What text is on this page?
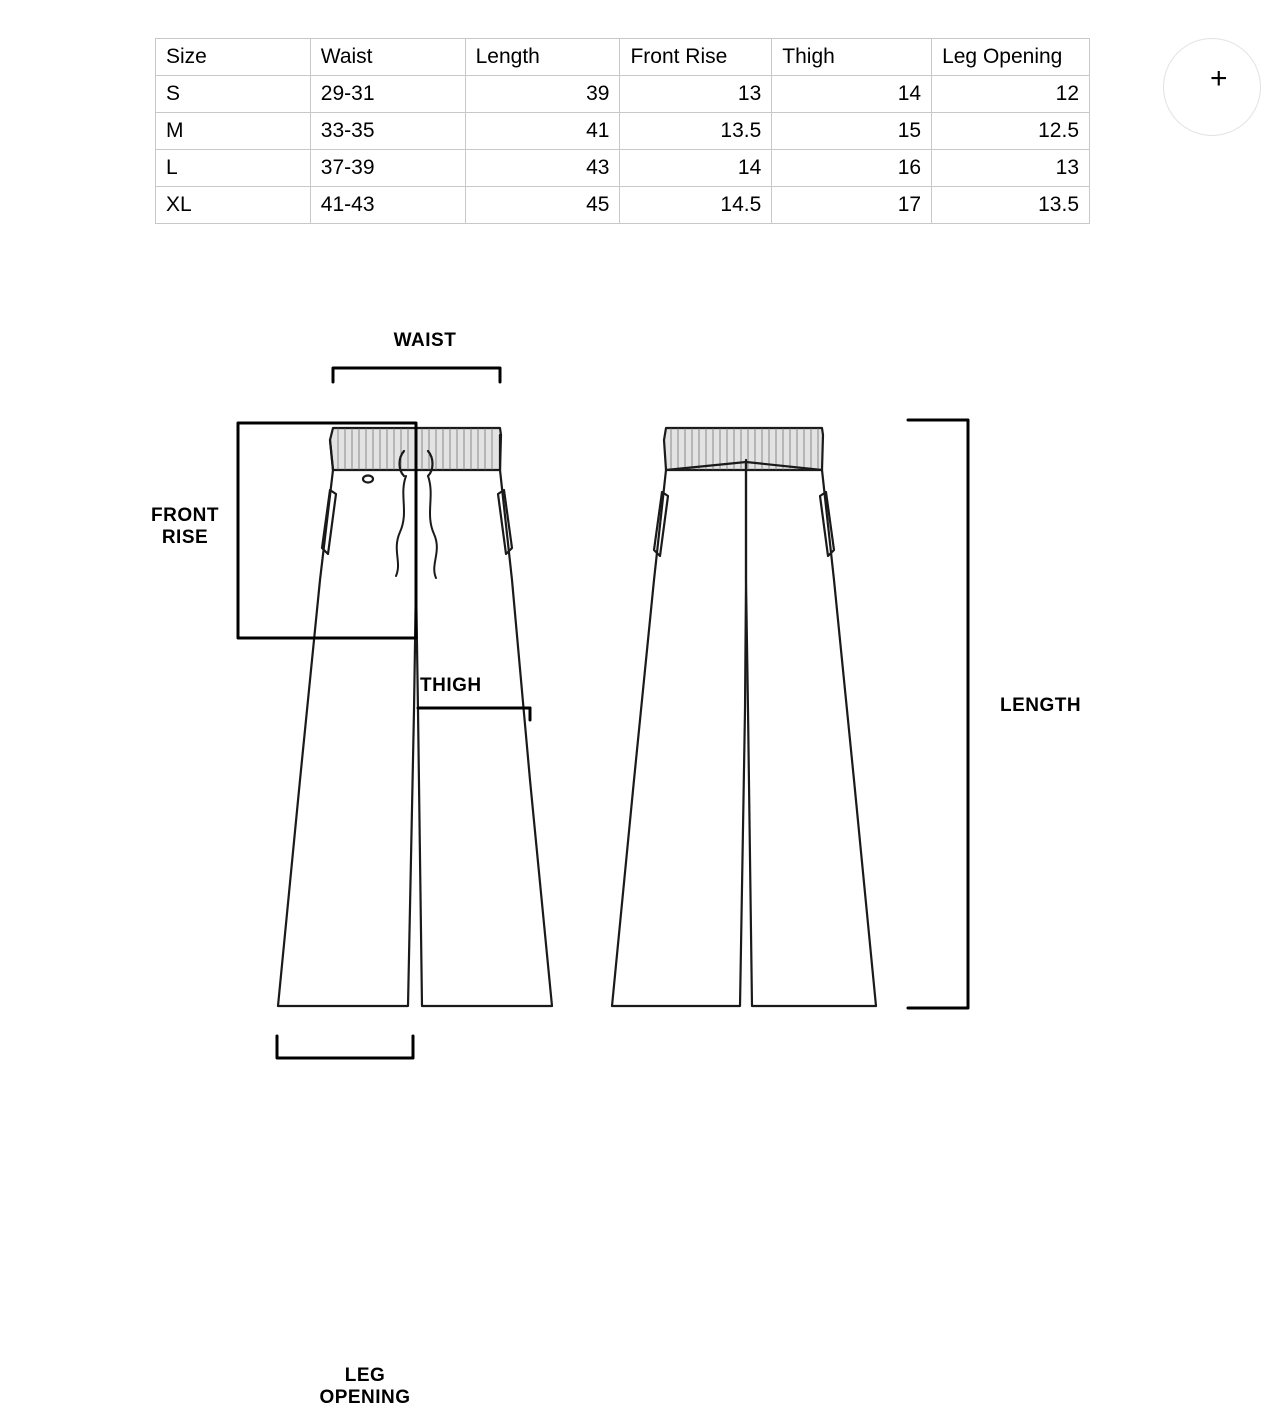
Size	Waist	Length	Front Rise	Thigh	Leg Opening
S	29-31	39	13	14	12
M	33-35	41	13.5	15	12.5
L	37-39	43	14	16	13
XL	41-43	45	14.5	17	13.5
+
WAIST
FRONT
RISE
THIGH
LENGTH
LEG
OPENING
